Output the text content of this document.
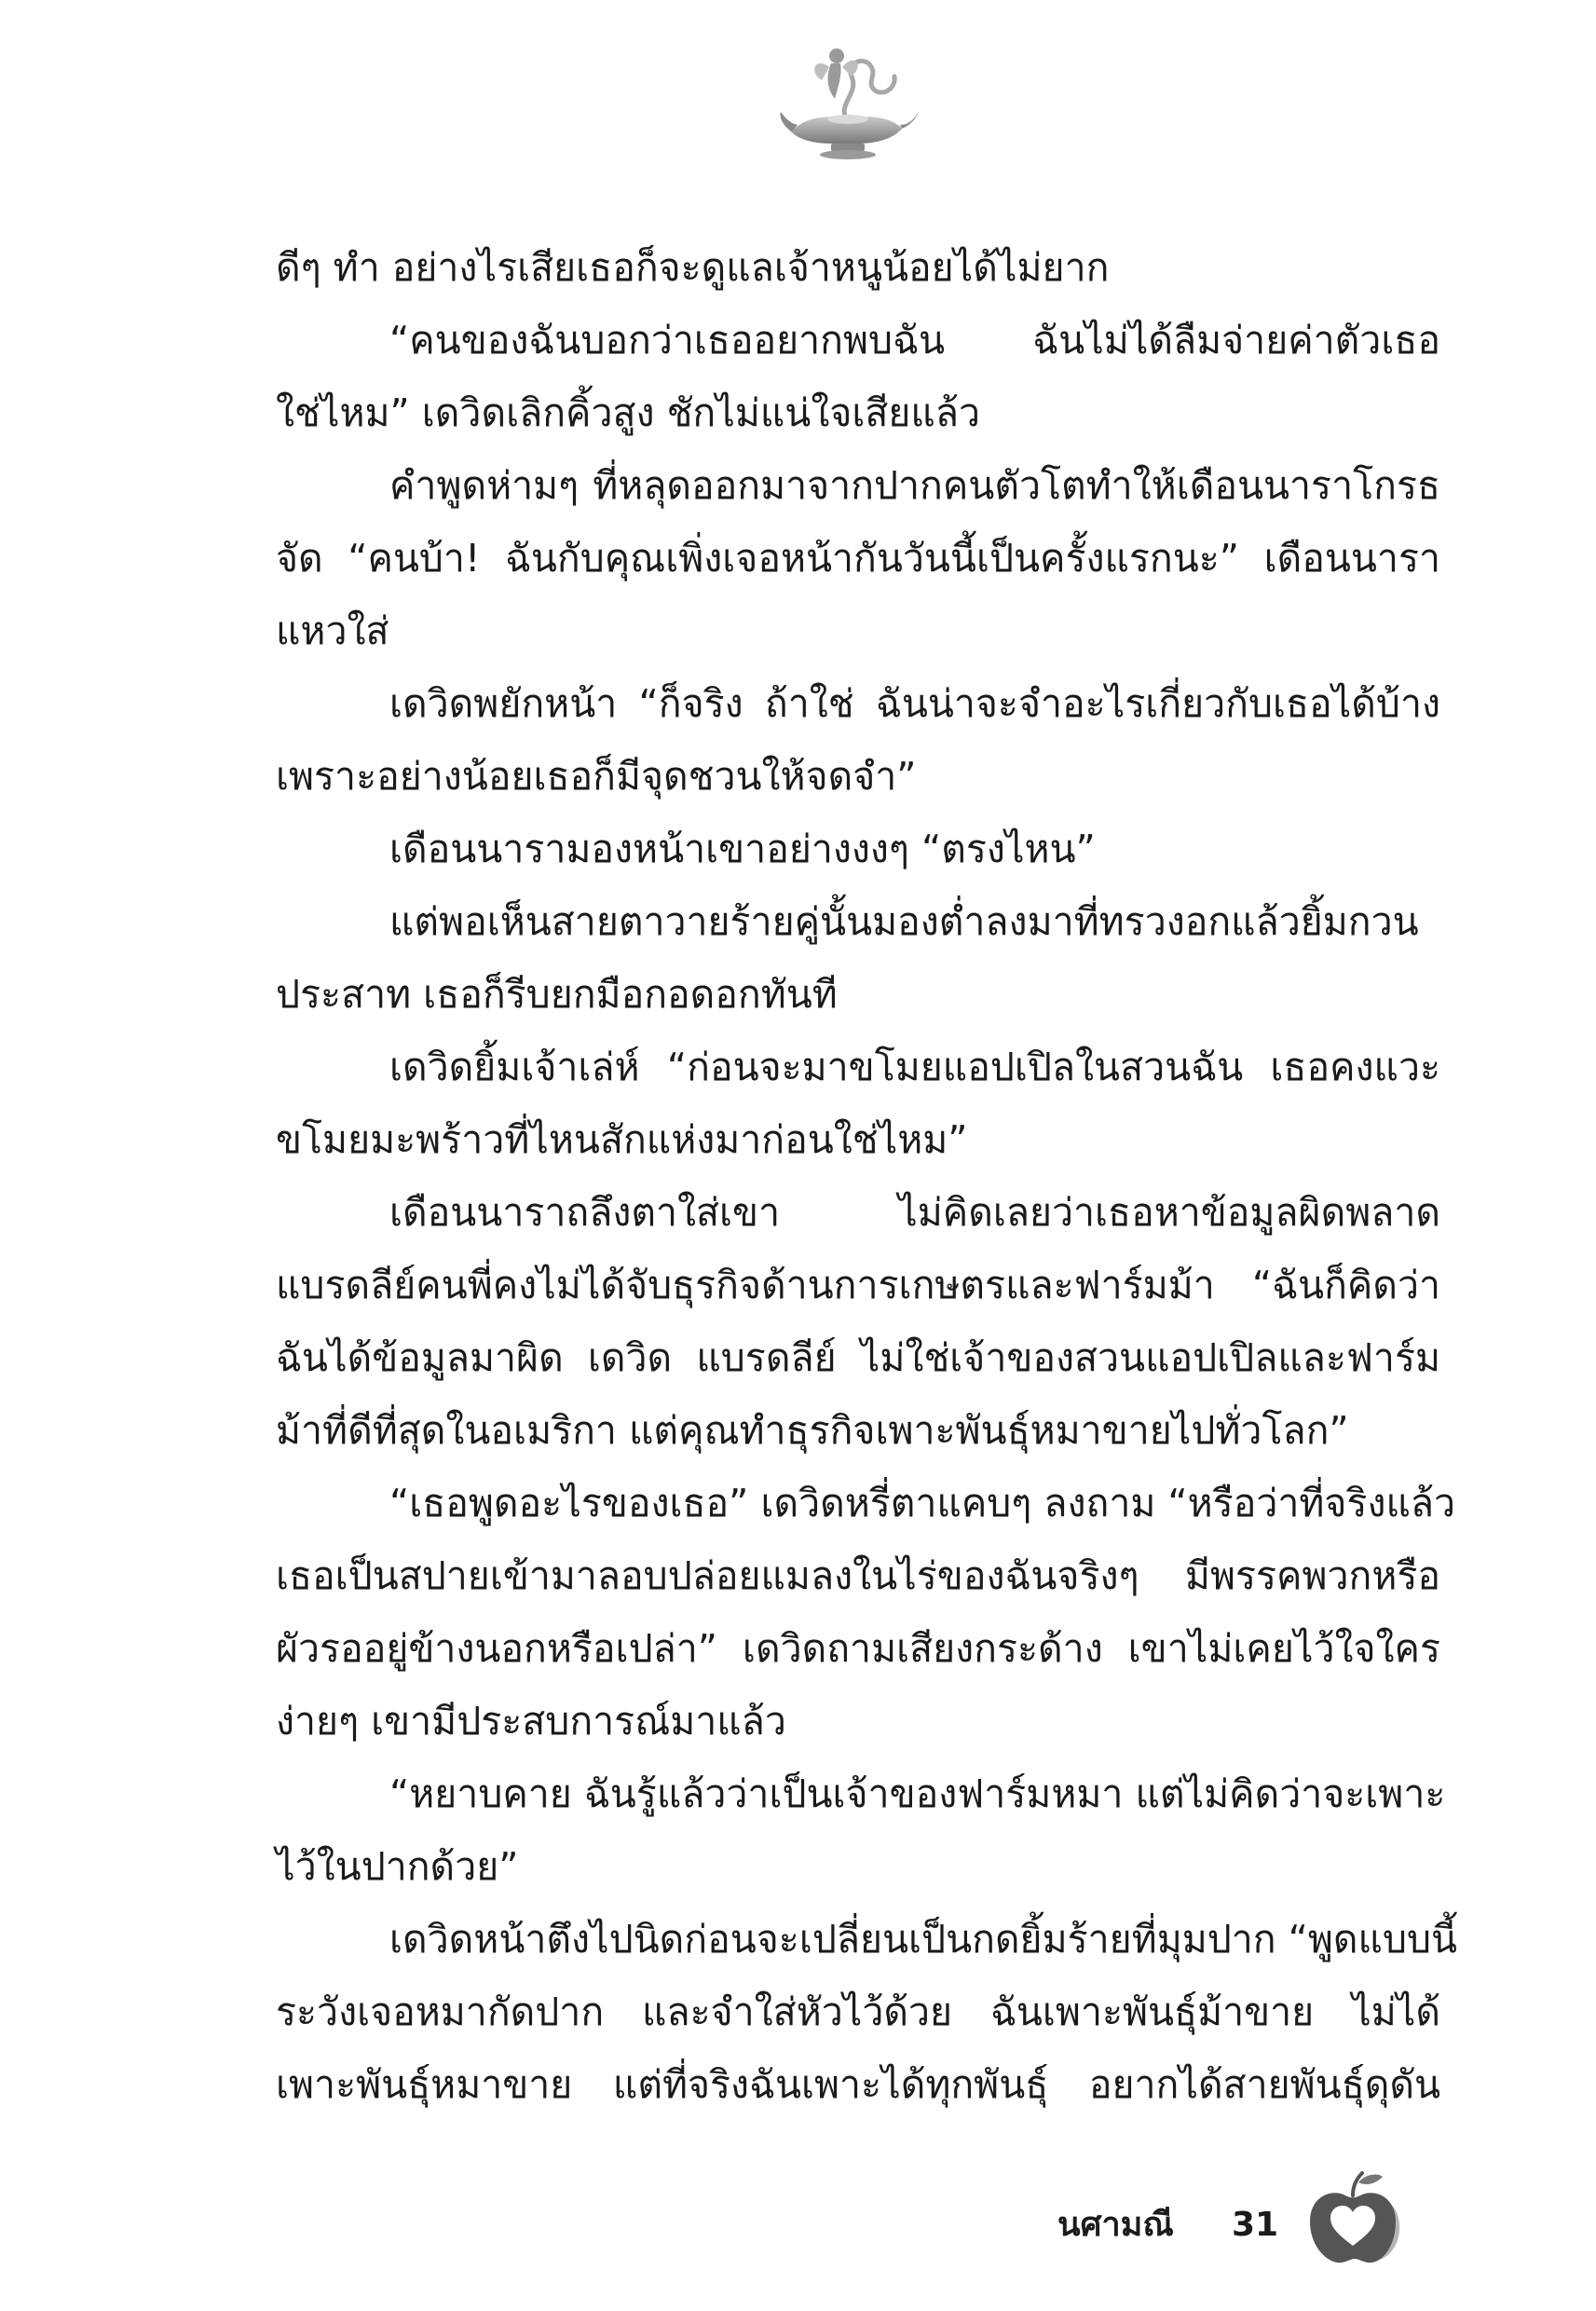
ดีๆ ทำ อย่างไรเสียเธอก็จะดูแลเจ้าหนูน้อยได้ไม่ยาก
“คนของฉันบอกว่าเธออยากพบฉัน ฉันไม่ได้ลืมจ่ายค่าตัวเธอ
ใช่ไหม” เดวิดเลิกคิ้วสูง ชักไม่แน่ใจเสียแล้ว
คำพูดห่ามๆ ที่หลุดออกมาจากปากคนตัวโตทำให้เดือนนาราโกรธ
จัด “คนบ้า! ฉันกับคุณเพิ่งเจอหน้ากันวันนี้เป็นครั้งแรกนะ” เดือนนารา
แหวใส่
เดวิดพยักหน้า “ก็จริง ถ้าใช่ ฉันน่าจะจำอะไรเกี่ยวกับเธอได้บ้าง
เพราะอย่างน้อยเธอก็มีจุดชวนให้จดจำ”
เดือนนารามองหน้าเขาอย่างงงๆ “ตรงไหน”
แต่พอเห็นสายตาวายร้ายคู่นั้นมองต่ำลงมาที่ทรวงอกแล้วยิ้มกวน
ประสาท เธอก็รีบยกมือกอดอกทันที
เดวิดยิ้มเจ้าเล่ห์ “ก่อนจะมาขโมยแอปเปิลในสวนฉัน เธอคงแวะ
ขโมยมะพร้าวที่ไหนสักแห่งมาก่อนใช่ไหม”
เดือนนาราถลึงตาใส่เขา ไม่คิดเลยว่าเธอหาข้อมูลผิดพลาด
แบรดลีย์คนพี่คงไม่ได้จับธุรกิจด้านการเกษตรและฟาร์มม้า “ฉันก็คิดว่า
ฉันได้ข้อมูลมาผิด เดวิด แบรดลีย์ ไม่ใช่เจ้าของสวนแอปเปิลและฟาร์ม
ม้าที่ดีที่สุดในอเมริกา แต่คุณทำธุรกิจเพาะพันธุ์หมาขายไปทั่วโลก”
“เธอพูดอะไรของเธอ” เดวิดหรี่ตาแคบๆ ลงถาม “หรือว่าที่จริงแล้ว
เธอเป็นสปายเข้ามาลอบปล่อยแมลงในไร่ของฉันจริงๆ มีพรรคพวกหรือ
ผัวรออยู่ข้างนอกหรือเปล่า” เดวิดถามเสียงกระด้าง เขาไม่เคยไว้ใจใคร
ง่ายๆ เขามีประสบการณ์มาแล้ว
“หยาบคาย ฉันรู้แล้วว่าเป็นเจ้าของฟาร์มหมา แต่ไม่คิดว่าจะเพาะ
ไว้ในปากด้วย”
เดวิดหน้าตึงไปนิดก่อนจะเปลี่ยนเป็นกดยิ้มร้ายที่มุมปาก “พูดแบบนี้
ระวังเจอหมากัดปาก และจำใส่หัวไว้ด้วย ฉันเพาะพันธุ์ม้าขาย ไม่ได้
เพาะพันธุ์หมาขาย แต่ที่จริงฉันเพาะได้ทุกพันธุ์ อยากได้สายพันธุ์ดุดัน
นศามณี 31
